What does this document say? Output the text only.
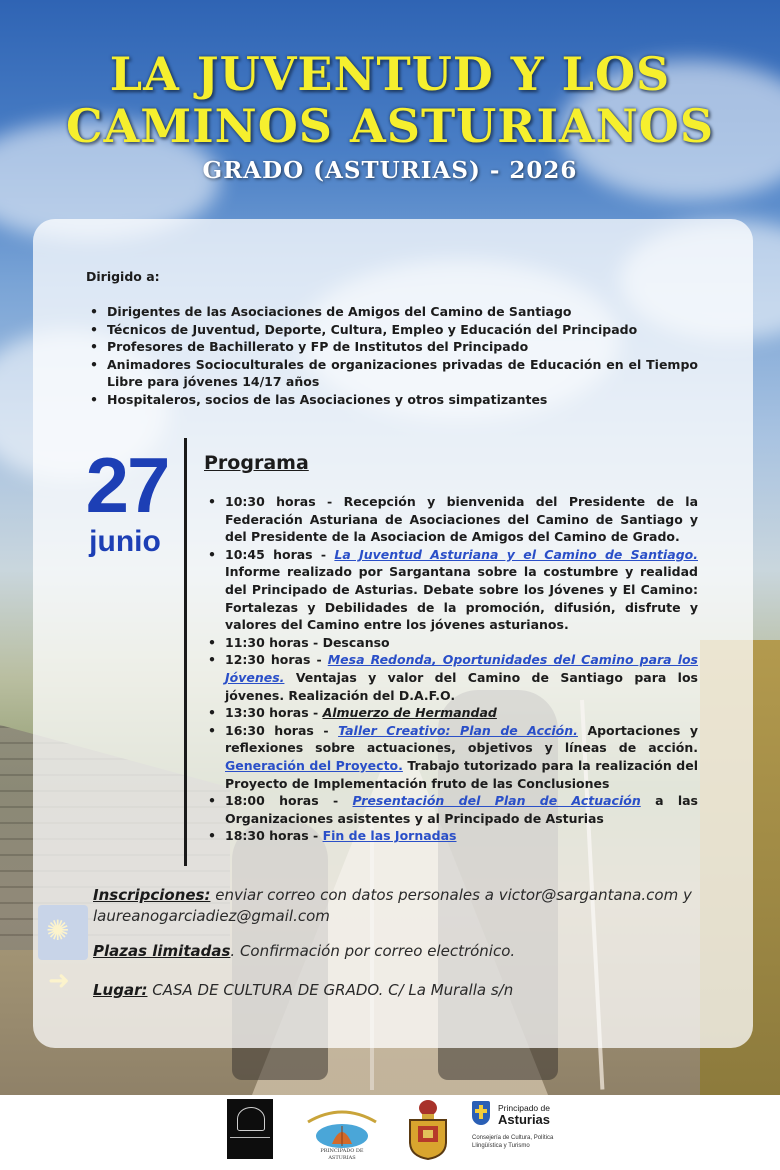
LA JUVENTUD Y LOS
CAMINOS ASTURIANOS
GRADO (ASTURIAS) - 2026
Dirigido a:
• Dirigentes de las Asociaciones de Amigos del Camino de Santiago
• Técnicos de Juventud, Deporte, Cultura, Empleo y Educación del Principado
• Profesores de Bachillerato y FP de Institutos del Principado
• Animadores Socioculturales de organizaciones privadas de Educación en el Tiempo Libre para jóvenes 14/17 años
• Hospitaleros, socios de las Asociaciones y otros simpatizantes
27
junio
Programa
• 10:30 horas - Recepción y bienvenida del Presidente de la Federación Asturiana de Asociaciones del Camino de Santiago y del Presidente de la Asociacion de Amigos del Camino de Grado.
• 10:45 horas - La Juventud Asturiana y el Camino de Santiago. Informe realizado por Sargantana sobre la costumbre y realidad del Principado de Asturias. Debate sobre los Jóvenes y El Camino: Fortalezas y Debilidades de la promoción, difusión, disfrute y valores del Camino entre los jóvenes asturianos.
• 11:30 horas - Descanso
• 12:30 horas - Mesa Redonda, Oportunidades del Camino para los Jóvenes. Ventajas y valor del Camino de Santiago para los jóvenes. Realización del D.A.F.O.
• 13:30 horas - Almuerzo de Hermandad
• 16:30 horas - Taller Creativo: Plan de Acción. Aportaciones y reflexiones sobre actuaciones, objetivos y líneas de acción. Generación del Proyecto. Trabajo tutorizado para la realización del Proyecto de Implementación fruto de las Conclusiones
• 18:00 horas - Presentación del Plan de Actuación a las Organizaciones asistentes y al Principado de Asturias
• 18:30 horas - Fin de las Jornadas
Inscripciones: enviar correo con datos personales a victor@sargantana.com y laureanogarciadiez@gmail.com
Plazas limitadas. Confirmación por correo electrónico.
Lugar: CASA DE CULTURA DE GRADO. C/ La Muralla s/n
PRINCIPADO DE ASTURIAS
Principado de
Asturias
Consejería de Cultura, Política Llingüística y Turismo
